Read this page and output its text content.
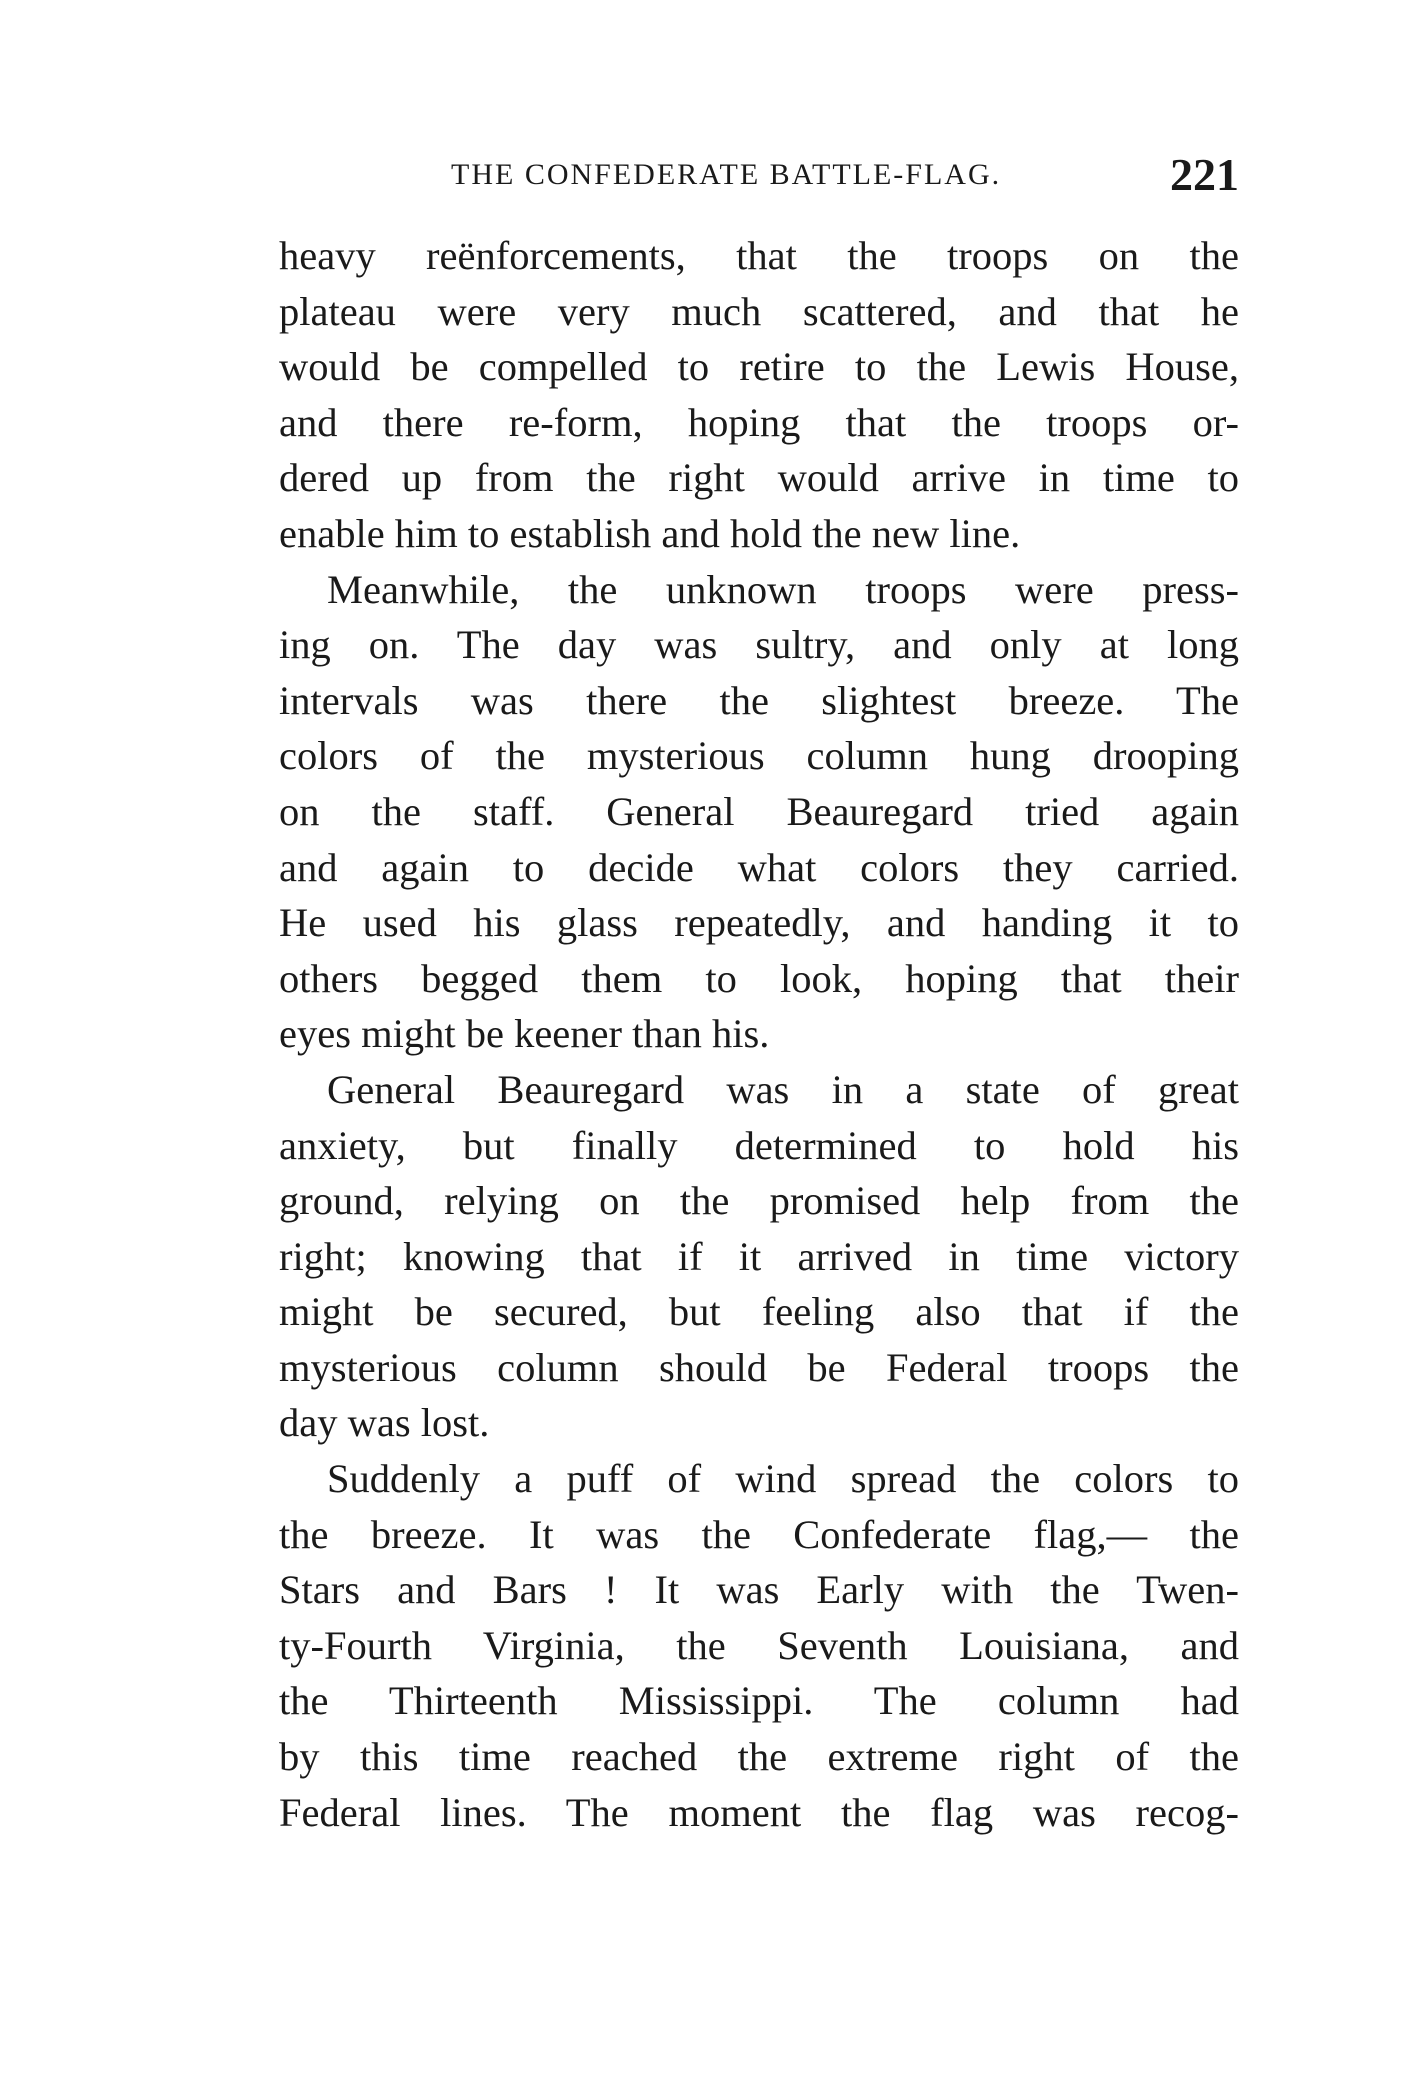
THE CONFEDERATE BATTLE-FLAG.	221
heavy reënforcements, that the troops on the
plateau were very much scattered, and that he
would be compelled to retire to the Lewis House,
and there re-form, hoping that the troops or-
dered up from the right would arrive in time to
enable him to establish and hold the new line.
Meanwhile, the unknown troops were press-
ing on. The day was sultry, and only at long
intervals was there the slightest breeze. The
colors of the mysterious column hung drooping
on the staff. General Beauregard tried again
and again to decide what colors they carried.
He used his glass repeatedly, and handing it to
others begged them to look, hoping that their
eyes might be keener than his.
General Beauregard was in a state of great
anxiety, but finally determined to hold his
ground, relying on the promised help from the
right; knowing that if it arrived in time victory
might be secured, but feeling also that if the
mysterious column should be Federal troops the
day was lost.
Suddenly a puff of wind spread the colors to
the breeze. It was the Confederate flag,— the
Stars and Bars ! It was Early with the Twen-
ty-Fourth Virginia, the Seventh Louisiana, and
the Thirteenth Mississippi. The column had
by this time reached the extreme right of the
Federal lines. The moment the flag was recog-
